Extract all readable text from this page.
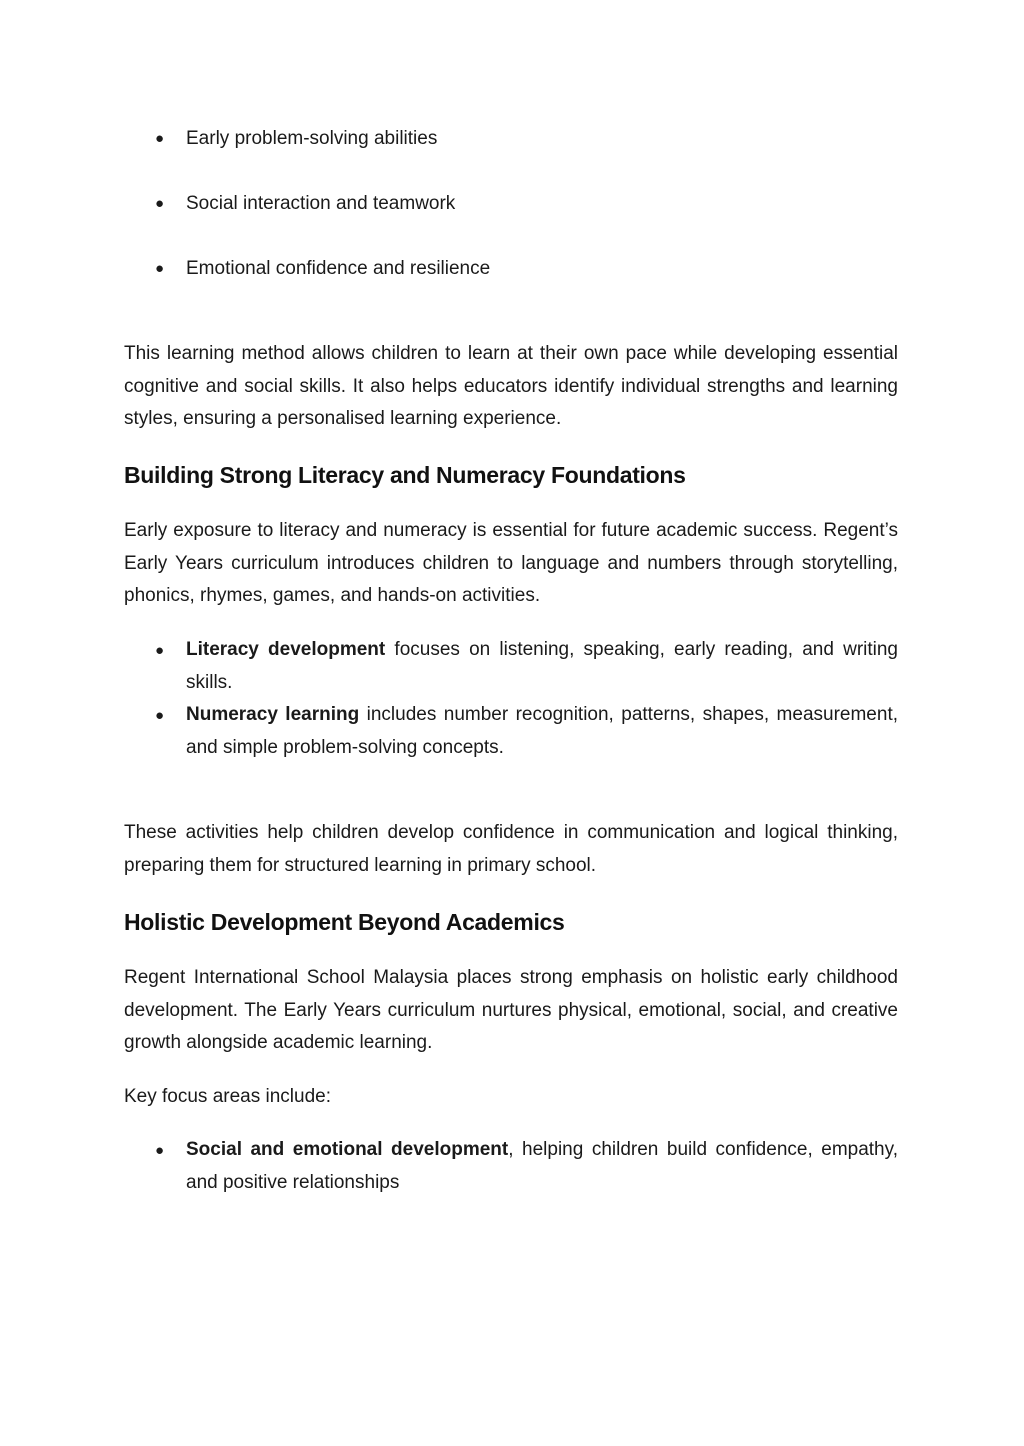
● Early problem-solving abilities
● Social interaction and teamwork
● Emotional confidence and resilience

This learning method allows children to learn at their own pace while developing essential cognitive and social skills. It also helps educators identify individual strengths and learning styles, ensuring a personalised learning experience.

Building Strong Literacy and Numeracy Foundations

Early exposure to literacy and numeracy is essential for future academic success. Regent’s Early Years curriculum introduces children to language and numbers through storytelling, phonics, rhymes, games, and hands-on activities.

● Literacy development focuses on listening, speaking, early reading, and writing skills.
● Numeracy learning includes number recognition, patterns, shapes, measurement, and simple problem-solving concepts.

These activities help children develop confidence in communication and logical thinking, preparing them for structured learning in primary school.

Holistic Development Beyond Academics

Regent International School Malaysia places strong emphasis on holistic early childhood development. The Early Years curriculum nurtures physical, emotional, social, and creative growth alongside academic learning.

Key focus areas include:

● Social and emotional development, helping children build confidence, empathy, and positive relationships
